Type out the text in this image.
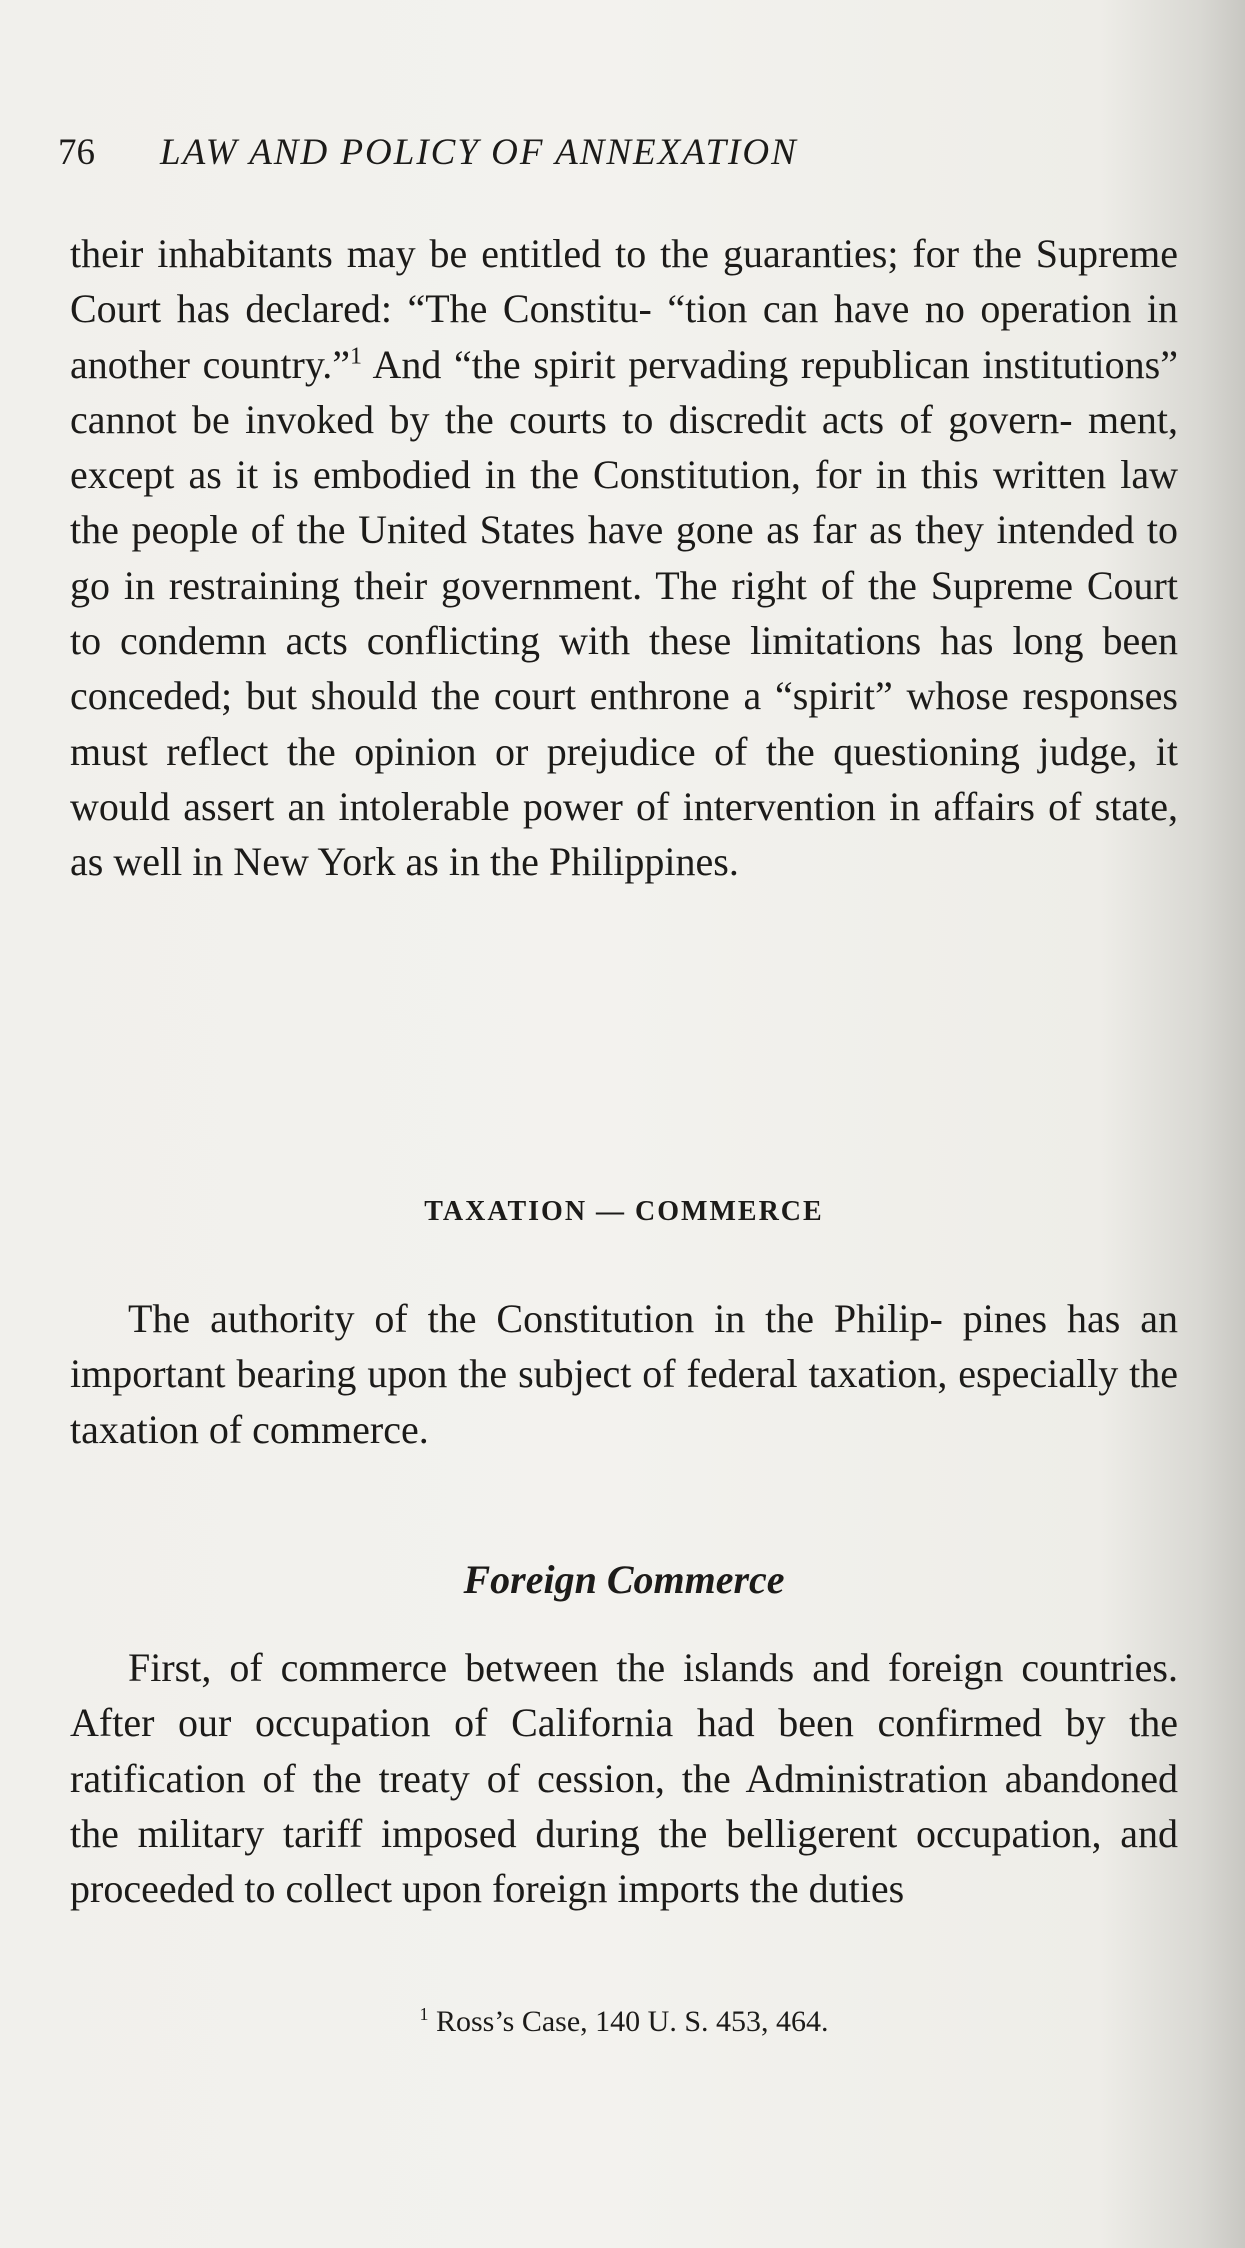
76 LAW AND POLICY OF ANNEXATION

their inhabitants may be entitled to the guaranties; for the Supreme Court has declared: “The Constitu- “tion can have no operation in another country.”$^1$ And “the spirit pervading republican institutions” cannot be invoked by the courts to discredit acts of govern- ment, except as it is embodied in the Constitution, for in this written law the people of the United States have gone as far as they intended to go in restraining their government. The right of the Supreme Court to condemn acts conflicting with these limitations has long been conceded; but should the court enthrone a “spirit” whose responses must reflect the opinion or prejudice of the questioning judge, it would assert an intolerable power of intervention in affairs of state, as well in New York as in the Philippines.

TAXATION — COMMERCE

The authority of the Constitution in the Philip- pines has an important bearing upon the subject of federal taxation, especially the taxation of commerce.

Foreign Commerce

First, of commerce between the islands and foreign countries. After our occupation of California had been confirmed by the ratification of the treaty of cession, the Administration abandoned the military tariff imposed during the belligerent occupation, and proceeded to collect upon foreign imports the duties

$^1$ Ross’s Case, 140 U. S. 453, 464.
